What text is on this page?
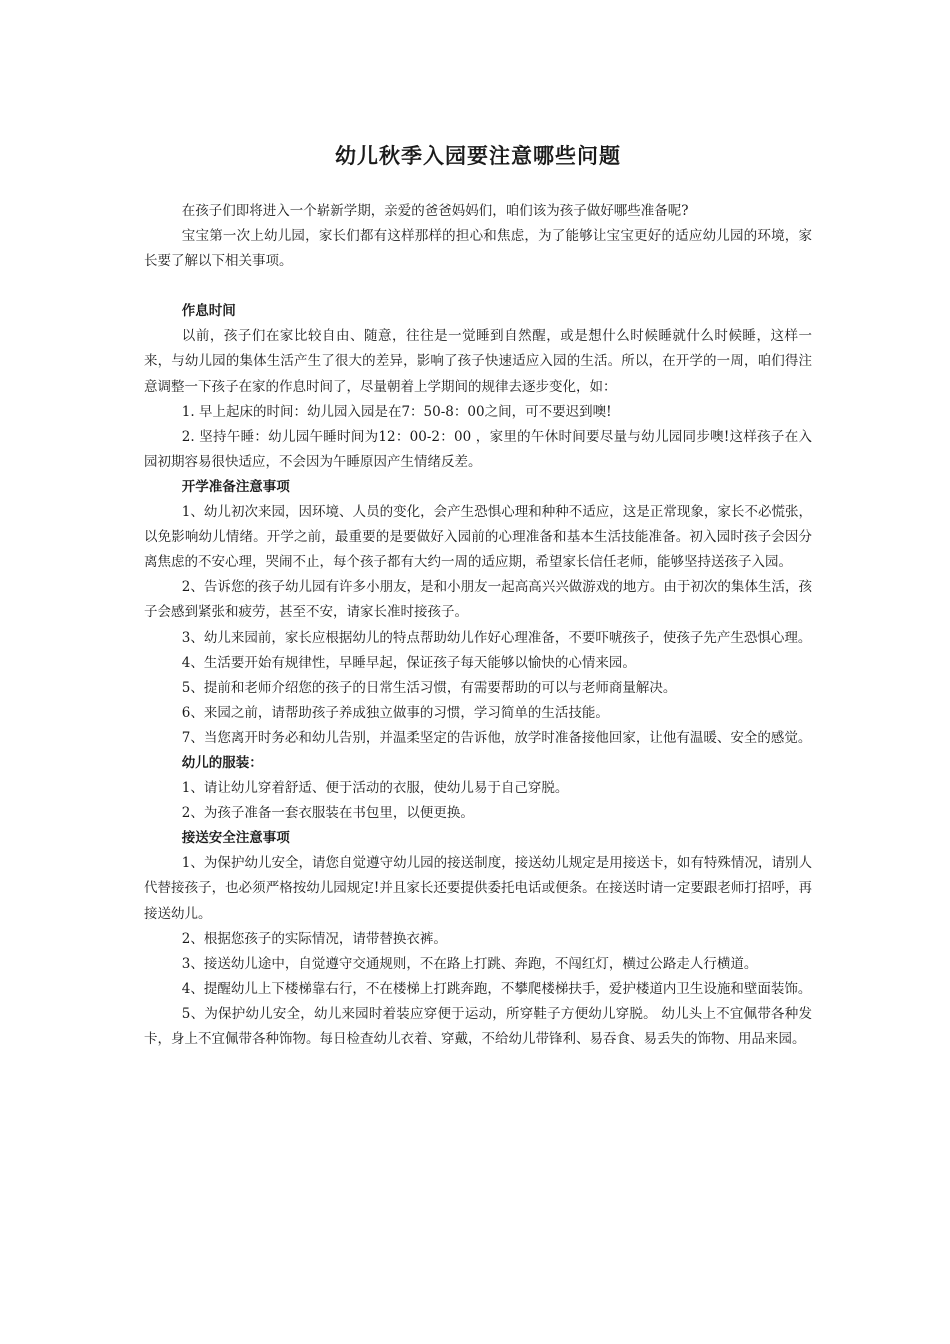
幼儿秋季入园要注意哪些问题

在孩子们即将进入一个崭新学期，亲爱的爸爸妈妈们，咱们该为孩子做好哪些准备呢?

宝宝第一次上幼儿园，家长们都有这样那样的担心和焦虑，为了能够让宝宝更好的适应幼儿园的环境，家长要了解以下相关事项。

作息时间

以前，孩子们在家比较自由、随意，往往是一觉睡到自然醒，或是想什么时候睡就什么时候睡，这样一来，与幼儿园的集体生活产生了很大的差异，影响了孩子快速适应入园的生活。所以，在开学的一周，咱们得注意调整一下孩子在家的作息时间了，尽量朝着上学期间的规律去逐步变化，如：

1. 早上起床的时间：幼儿园入园是在7：50-8：00之间，可不要迟到噢!

2. 坚持午睡：幼儿园午睡时间为12：00-2：00 ，家里的午休时间要尽量与幼儿园同步噢!这样孩子在入园初期容易很快适应，不会因为午睡原因产生情绪反差。

开学准备注意事项

1、幼儿初次来园，因环境、人员的变化，会产生恐惧心理和种种不适应，这是正常现象，家长不必慌张，以免影响幼儿情绪。开学之前，最重要的是要做好入园前的心理准备和基本生活技能准备。初入园时孩子会因分离焦虑的不安心理，哭闹不止，每个孩子都有大约一周的适应期，希望家长信任老师，能够坚持送孩子入园。

2、告诉您的孩子幼儿园有许多小朋友，是和小朋友一起高高兴兴做游戏的地方。由于初次的集体生活，孩子会感到紧张和疲劳，甚至不安，请家长准时接孩子。

3、幼儿来园前，家长应根据幼儿的特点帮助幼儿作好心理准备，不要吓唬孩子，使孩子先产生恐惧心理。

4、生活要开始有规律性，早睡早起，保证孩子每天能够以愉快的心情来园。

5、提前和老师介绍您的孩子的日常生活习惯，有需要帮助的可以与老师商量解决。

6、来园之前，请帮助孩子养成独立做事的习惯，学习简单的生活技能。

7、当您离开时务必和幼儿告别，并温柔坚定的告诉他，放学时准备接他回家，让他有温暖、安全的感觉。

幼儿的服装：

1、请让幼儿穿着舒适、便于活动的衣服，使幼儿易于自己穿脱。

2、为孩子准备一套衣服装在书包里，以便更换。

接送安全注意事项

1、为保护幼儿安全，请您自觉遵守幼儿园的接送制度，接送幼儿规定是用接送卡，如有特殊情况，请别人代替接孩子，也必须严格按幼儿园规定!并且家长还要提供委托电话或便条。在接送时请一定要跟老师打招呼，再接送幼儿。

2、根据您孩子的实际情况，请带替换衣裤。

3、接送幼儿途中，自觉遵守交通规则，不在路上打跳、奔跑，不闯红灯，横过公路走人行横道。

4、提醒幼儿上下楼梯靠右行，不在楼梯上打跳奔跑，不攀爬楼梯扶手，爱护楼道内卫生设施和壁面装饰。

5、为保护幼儿安全，幼儿来园时着装应穿便于运动，所穿鞋子方便幼儿穿脱。 幼儿头上不宜佩带各种发卡，身上不宜佩带各种饰物。每日检查幼儿衣着、穿戴，不给幼儿带锋利、易吞食、易丢失的饰物、用品来园。
